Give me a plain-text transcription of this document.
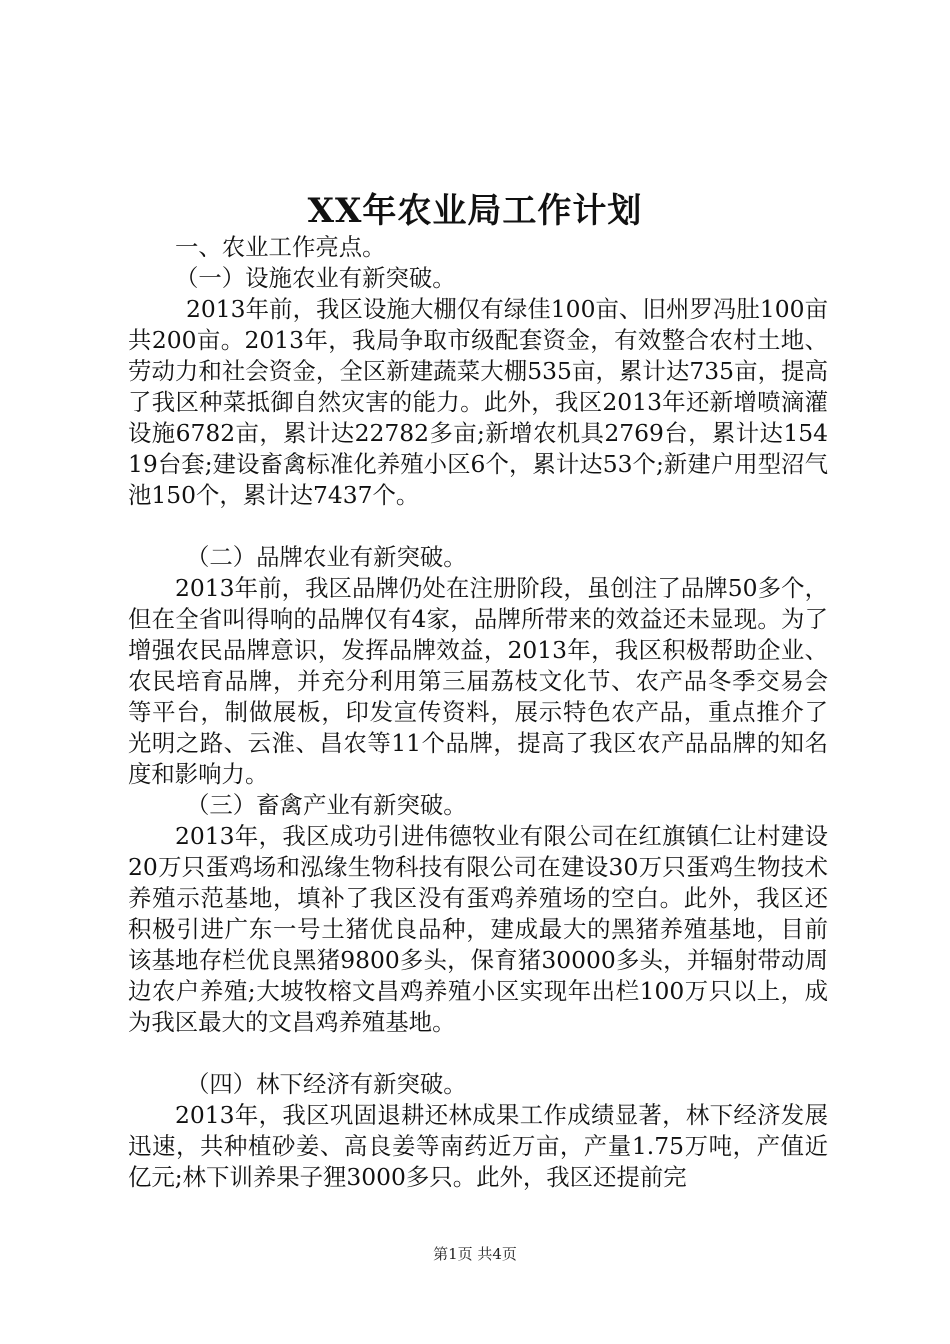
XX年农业局工作计划

一、农业工作亮点。

（一）设施农业有新突破。

2013年前，我区设施大棚仅有绿佳100亩、旧州罗冯肚100亩共200亩。2013年，我局争取市级配套资金，有效整合农村土地、劳动力和社会资金，全区新建蔬菜大棚535亩，累计达735亩，提高了我区种菜抵御自然灾害的能力。此外，我区2013年还新增喷滴灌设施6782亩，累计达22782多亩;新增农机具2769台，累计达15419台套;建设畜禽标准化养殖小区6个，累计达53个;新建户用型沼气池150个，累计达7437个。

（二）品牌农业有新突破。

2013年前，我区品牌仍处在注册阶段，虽创注了品牌50多个，但在全省叫得响的品牌仅有4家，品牌所带来的效益还未显现。为了增强农民品牌意识，发挥品牌效益，2013年，我区积极帮助企业、农民培育品牌，并充分利用第三届荔枝文化节、农产品冬季交易会等平台，制做展板，印发宣传资料，展示特色农产品，重点推介了光明之路、云淮、昌农等11个品牌，提高了我区农产品品牌的知名度和影响力。

（三）畜禽产业有新突破。

2013年，我区成功引进伟德牧业有限公司在红旗镇仁让村建设20万只蛋鸡场和泓缘生物科技有限公司在建设30万只蛋鸡生物技术养殖示范基地，填补了我区没有蛋鸡养殖场的空白。此外，我区还积极引进广东一号土猪优良品种，建成最大的黑猪养殖基地，目前该基地存栏优良黑猪9800多头，保育猪30000多头，并辐射带动周边农户养殖;大坡牧榕文昌鸡养殖小区实现年出栏100万只以上，成为我区最大的文昌鸡养殖基地。

（四）林下经济有新突破。

2013年，我区巩固退耕还林成果工作成绩显著，林下经济发展迅速，共种植砂姜、高良姜等南药近万亩，产量1.75万吨，产值近亿元;林下训养果子狸3000多只。此外，我区还提前完

第1页 共4页
